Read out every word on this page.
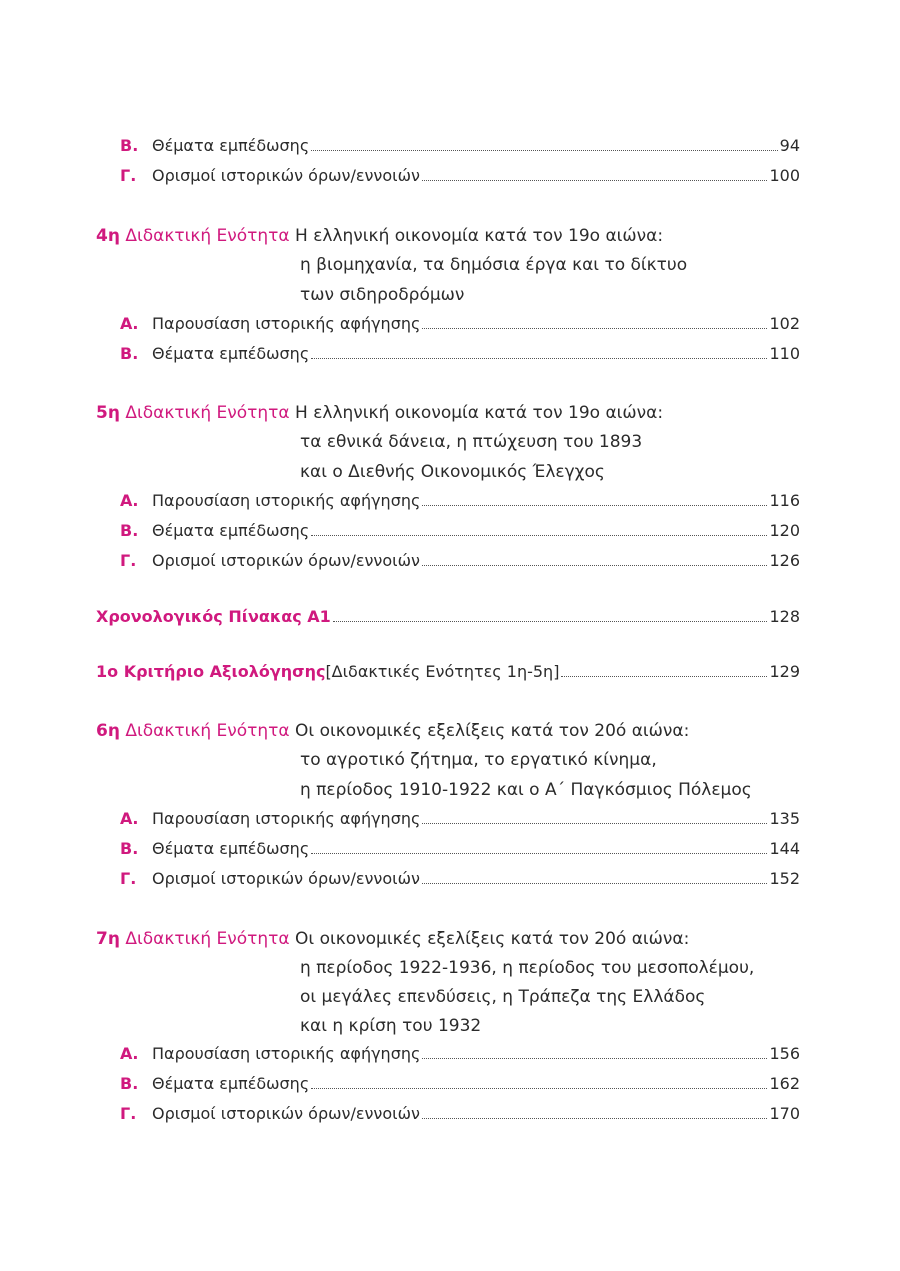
Β. Θέματα εμπέδωσης	94
Γ. Ορισμοί ιστορικών όρων/εννοιών	100
4η Διδακτική Ενότητα Η ελληνική οικονομία κατά τον 19ο αιώνα:
η βιομηχανία, τα δημόσια έργα και το δίκτυο
των σιδηροδρόμων
Α. Παρουσίαση ιστορικής αφήγησης	102
Β. Θέματα εμπέδωσης	110
5η Διδακτική Ενότητα Η ελληνική οικονομία κατά τον 19ο αιώνα:
τα εθνικά δάνεια, η πτώχευση του 1893
και ο Διεθνής Οικονομικός Έλεγχος
Α. Παρουσίαση ιστορικής αφήγησης	116
Β. Θέματα εμπέδωσης	120
Γ. Ορισμοί ιστορικών όρων/εννοιών	126
Χρονολογικός Πίνακας Α1	128
1ο Κριτήριο Αξιολόγησης [Διδακτικές Ενότητες 1η-5η]	129
6η Διδακτική Ενότητα Οι οικονομικές εξελίξεις κατά τον 20ό αιώνα:
το αγροτικό ζήτημα, το εργατικό κίνημα,
η περίοδος 1910-1922 και ο Α΄ Παγκόσμιος Πόλεμος
Α. Παρουσίαση ιστορικής αφήγησης	135
Β. Θέματα εμπέδωσης	144
Γ. Ορισμοί ιστορικών όρων/εννοιών	152
7η Διδακτική Ενότητα Οι οικονομικές εξελίξεις κατά τον 20ό αιώνα:
η περίοδος 1922-1936, η περίοδος του μεσοπολέμου,
οι μεγάλες επενδύσεις, η Τράπεζα της Ελλάδος
και η κρίση του 1932
Α. Παρουσίαση ιστορικής αφήγησης	156
Β. Θέματα εμπέδωσης	162
Γ. Ορισμοί ιστορικών όρων/εννοιών	170
